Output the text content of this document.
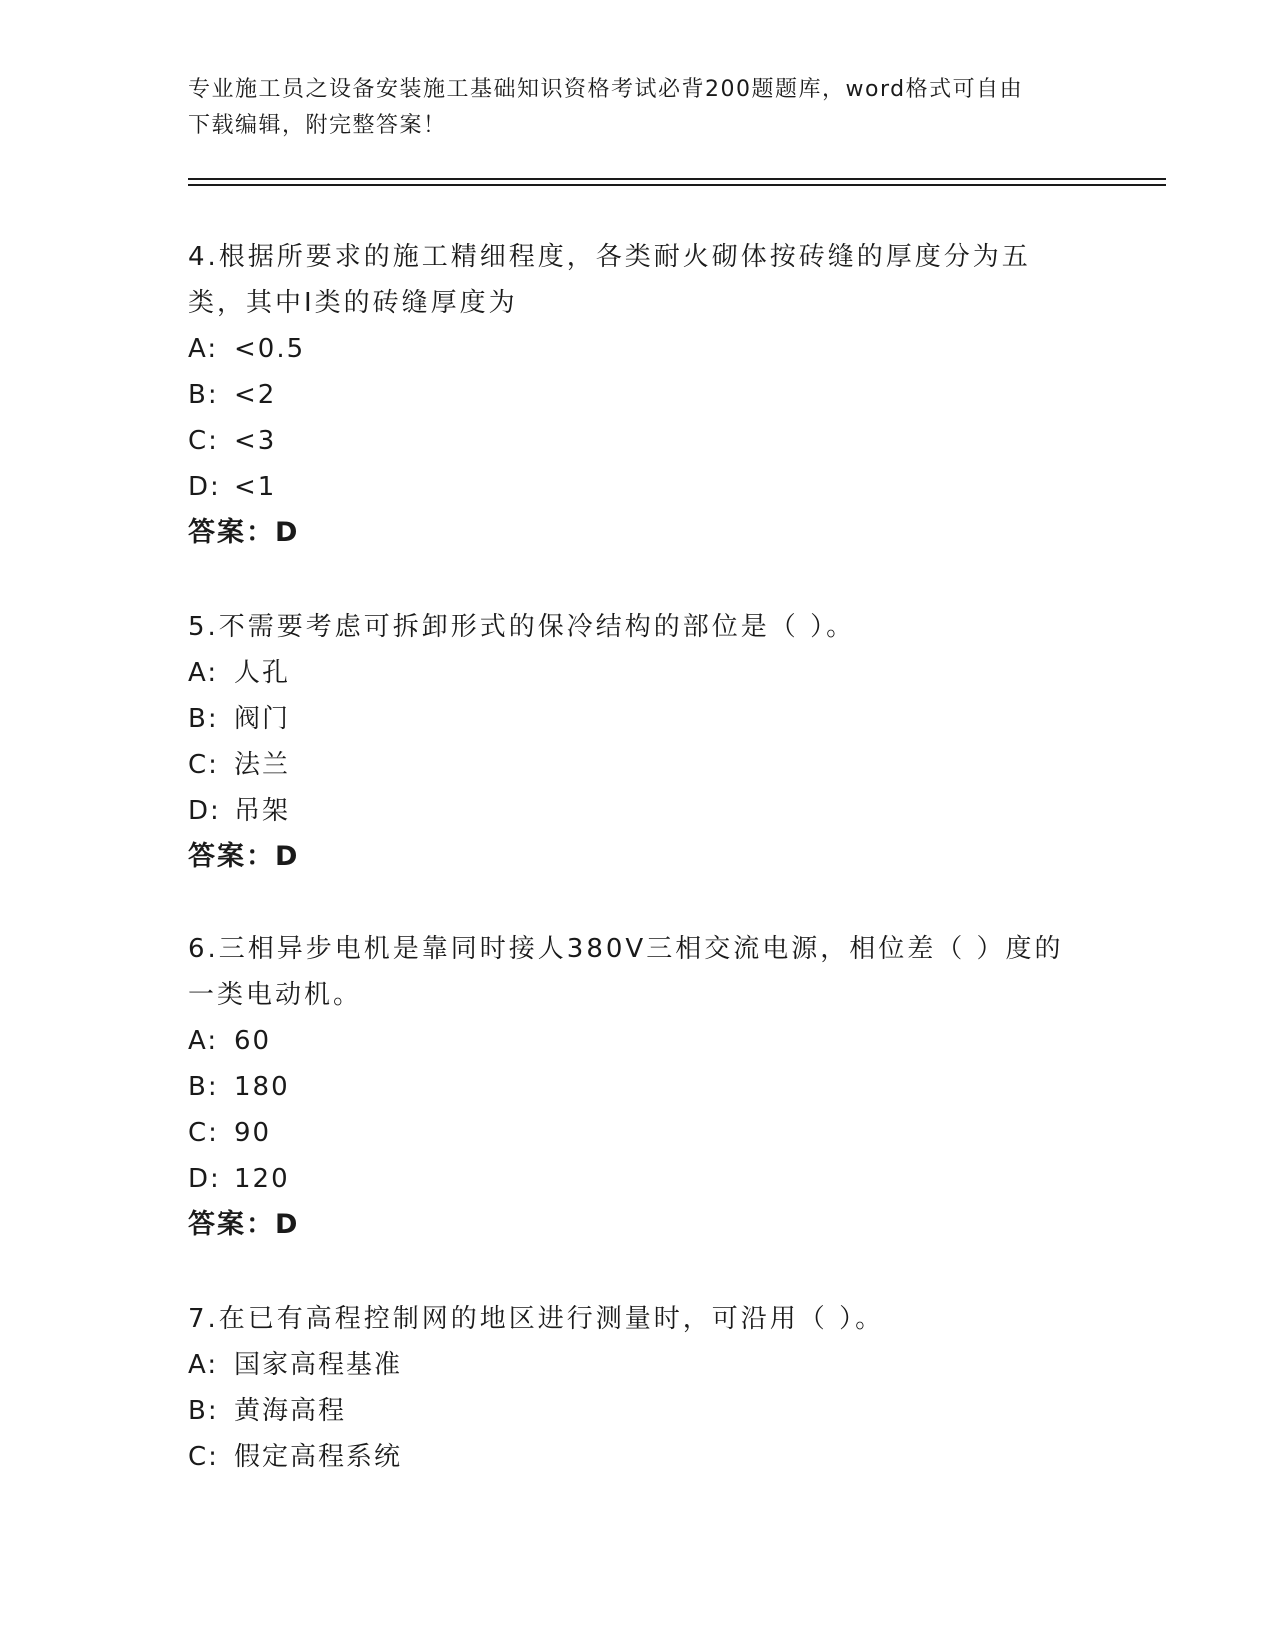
专业施工员之设备安装施工基础知识资格考试必背200题题库，word格式可自由
下载编辑，附完整答案！
4.根据所要求的施工精细程度，各类耐火砌体按砖缝的厚度分为五类，其中Ⅰ类的砖缝厚度为
A: <0.5
B: <2
C: <3
D: <1
答案：D
5.不需要考虑可拆卸形式的保冷结构的部位是（ ）。
A: 人孔
B: 阀门
C: 法兰
D: 吊架
答案：D
6.三相异步电机是靠同时接人380V三相交流电源，相位差（ ）度的一类电动机。
A: 60
B: 180
C: 90
D: 120
答案：D
7.在已有高程控制网的地区进行测量时，可沿用（ ）。
A: 国家高程基准
B: 黄海高程
C: 假定高程系统
